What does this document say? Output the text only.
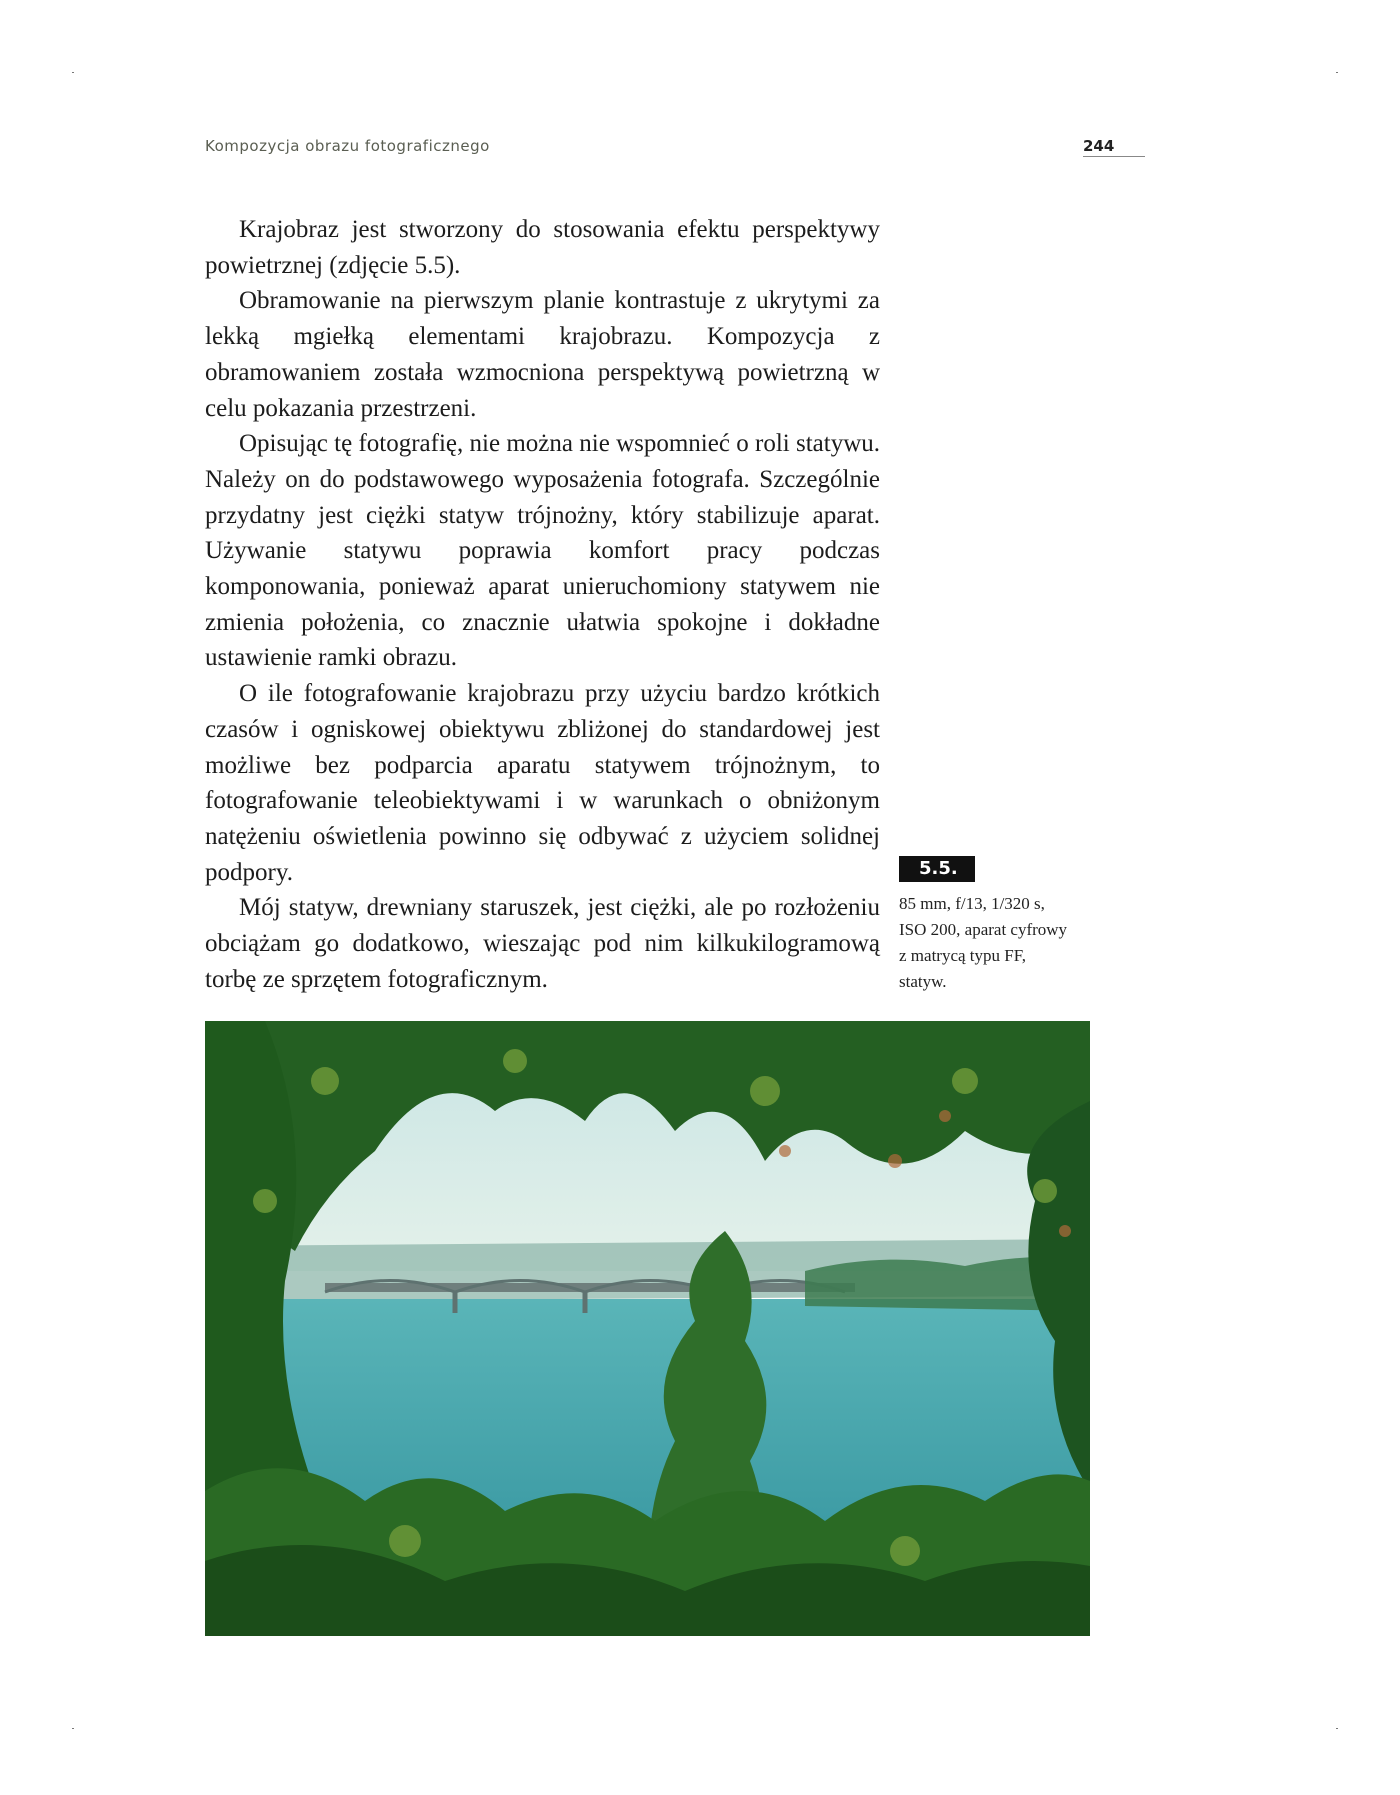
Kompozycja obrazu fotograficznego	244

Krajobraz jest stworzony do stosowania efektu perspektywy powietrznej (zdjęcie 5.5).

Obramowanie na pierwszym planie kontrastuje z ukrytymi za lekką mgiełką elementami krajobrazu. Kompozycja z obramowaniem została wzmocniona perspektywą powietrzną w celu pokazania przestrzeni.

Opisując tę fotografię, nie można nie wspomnieć o roli statywu. Należy on do podstawowego wyposażenia fotografa. Szczególnie przydatny jest ciężki statyw trójnożny, który stabilizuje aparat. Używanie statywu poprawia komfort pracy podczas komponowania, ponieważ aparat unieruchomiony statywem nie zmienia położenia, co znacznie ułatwia spokojne i dokładne ustawienie ramki obrazu.

O ile fotografowanie krajobrazu przy użyciu bardzo krótkich czasów i ogniskowej obiektywu zbliżonej do standardowej jest możliwe bez podparcia aparatu statywem trójnożnym, to fotografowanie teleobiektywami i w warunkach o obniżonym natężeniu oświetlenia powinno się odbywać z użyciem solidnej podpory.

Mój statyw, drewniany staruszek, jest ciężki, ale po rozłożeniu obciążam go dodatkowo, wieszając pod nim kilkukilogramową torbę ze sprzętem fotograficznym.

5.5.
85 mm, f/13, 1/320 s,
ISO 200, aparat cyfrowy
z matrycą typu FF,
statyw.
